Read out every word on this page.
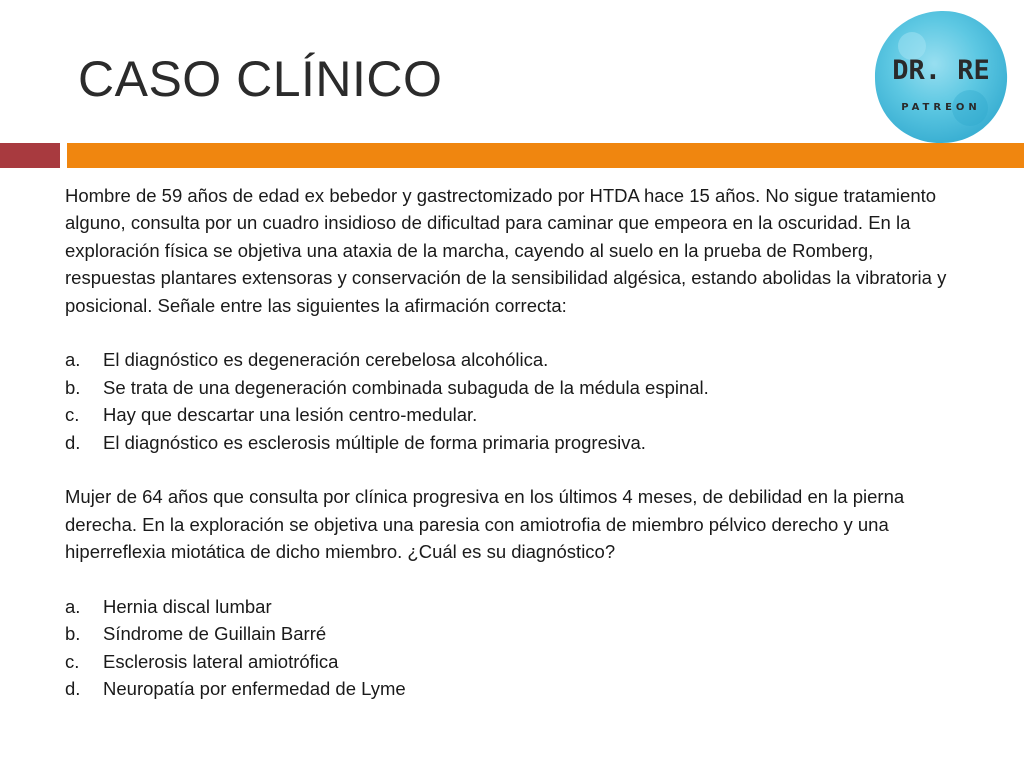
CASO CLÍNICO	DR. RE
PATREON

Hombre de 59 años de edad ex bebedor y gastrectomizado por HTDA hace 15 años. No sigue tratamiento alguno, consulta por un cuadro insidioso de dificultad para caminar que empeora en la oscuridad. En la exploración física se objetiva una ataxia de la marcha, cayendo al suelo en la prueba de Romberg, respuestas plantares extensoras y conservación de la sensibilidad algésica, estando abolidas la vibratoria y posicional. Señale entre las siguientes la afirmación correcta:

a.	El diagnóstico es degeneración cerebelosa alcohólica.
b.	Se trata de una degeneración combinada subaguda de la médula espinal.
c.	Hay que descartar una lesión centro-medular.
d.	El diagnóstico es esclerosis múltiple de forma primaria progresiva.

Mujer de 64 años que consulta por clínica progresiva en los últimos 4 meses, de debilidad en la pierna derecha. En la exploración se objetiva una paresia con amiotrofia de miembro pélvico derecho y una hiperreflexia miotática de dicho miembro. ¿Cuál es su diagnóstico?

a.	Hernia discal lumbar
b.	Síndrome de Guillain Barré
c.	Esclerosis lateral amiotrófica
d.	Neuropatía por enfermedad de Lyme
